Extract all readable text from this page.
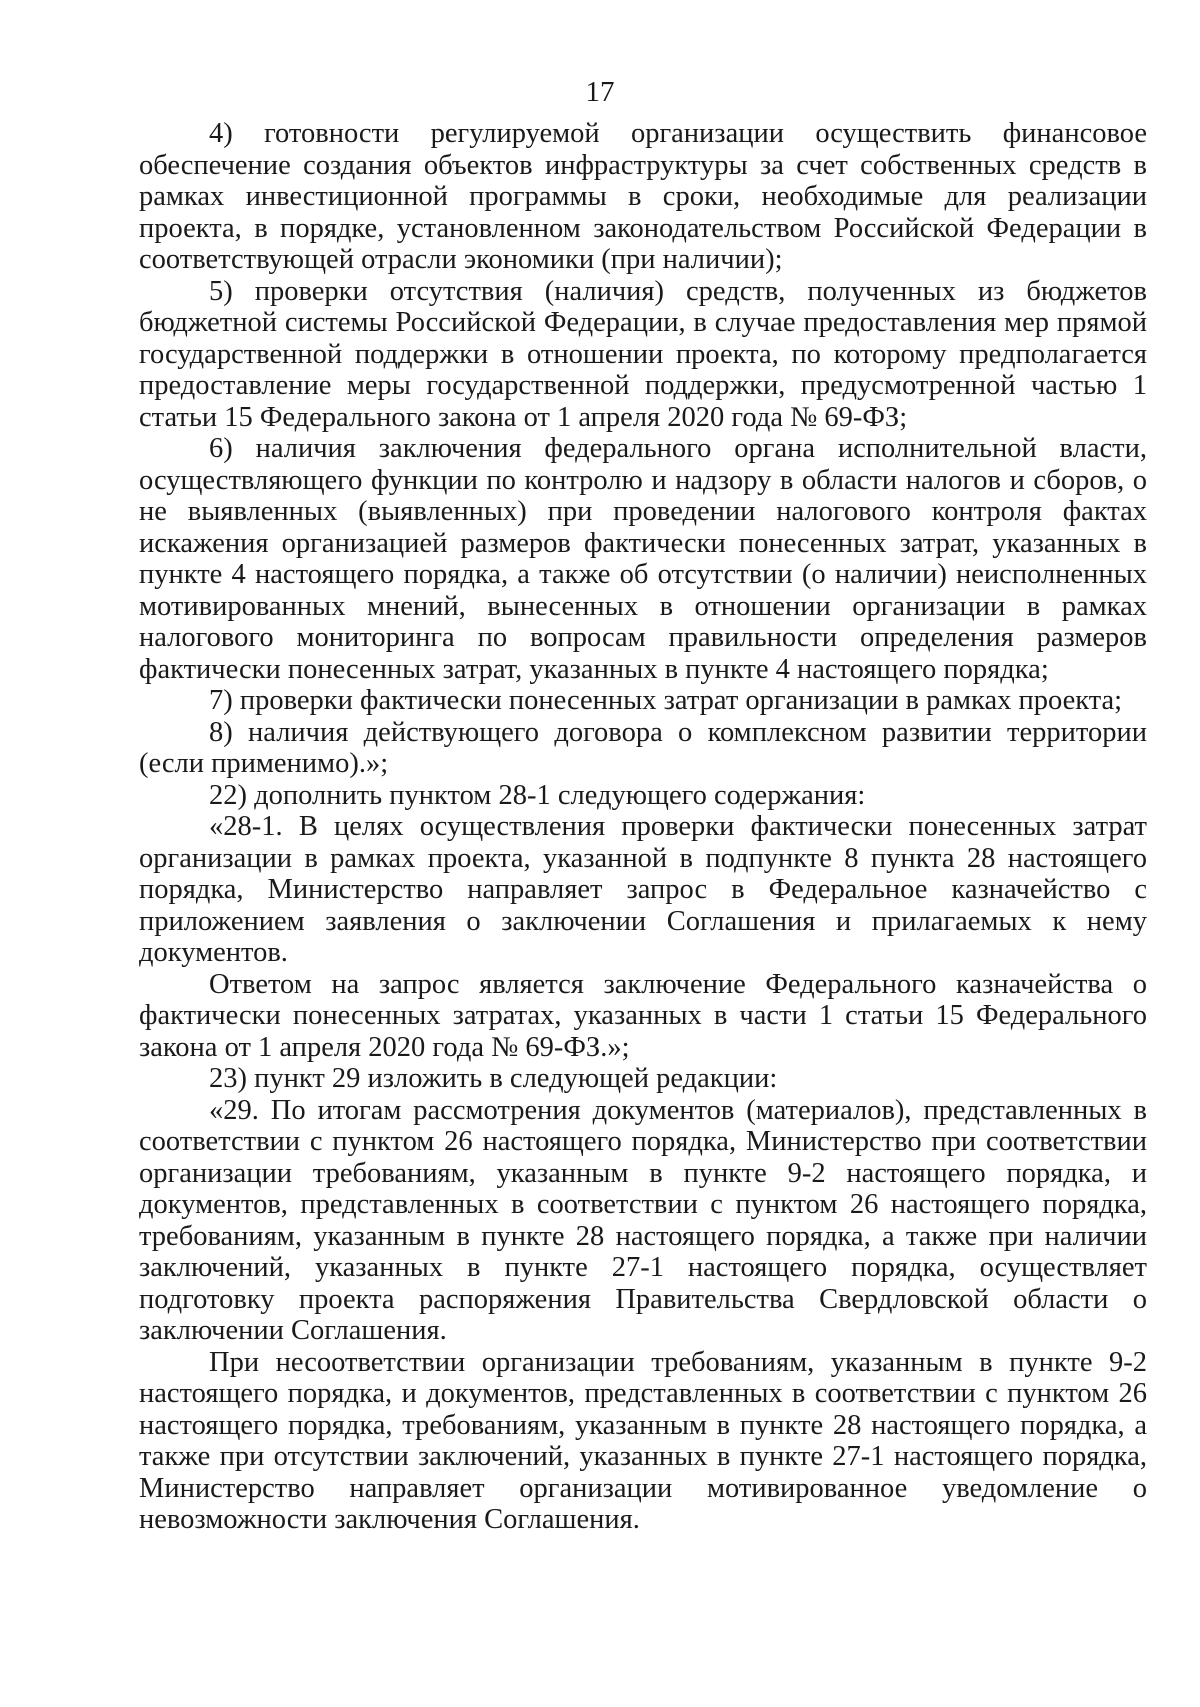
17

4) готовности регулируемой организации осуществить финансовое обеспечение создания объектов инфраструктуры за счет собственных средств в рамках инвестиционной программы в сроки, необходимые для реализации проекта, в порядке, установленном законодательством Российской Федерации в соответствующей отрасли экономики (при наличии);

5) проверки отсутствия (наличия) средств, полученных из бюджетов бюджетной системы Российской Федерации, в случае предоставления мер прямой государственной поддержки в отношении проекта, по которому предполагается предоставление меры государственной поддержки, предусмотренной частью 1 статьи 15 Федерального закона от 1 апреля 2020 года № 69-ФЗ;

6) наличия заключения федерального органа исполнительной власти, осуществляющего функции по контролю и надзору в области налогов и сборов, о не выявленных (выявленных) при проведении налогового контроля фактах искажения организацией размеров фактически понесенных затрат, указанных в пункте 4 настоящего порядка, а также об отсутствии (о наличии) неисполненных мотивированных мнений, вынесенных в отношении организации в рамках налогового мониторинга по вопросам правильности определения размеров фактически понесенных затрат, указанных в пункте 4 настоящего порядка;

7) проверки фактически понесенных затрат организации в рамках проекта;

8) наличия действующего договора о комплексном развитии территории (если применимо).»;

22) дополнить пунктом 28-1 следующего содержания:

«28-1. В целях осуществления проверки фактически понесенных затрат организации в рамках проекта, указанной в подпункте 8 пункта 28 настоящего порядка, Министерство направляет запрос в Федеральное казначейство с приложением заявления о заключении Соглашения и прилагаемых к нему документов.

Ответом на запрос является заключение Федерального казначейства о фактически понесенных затратах, указанных в части 1 статьи 15 Федерального закона от 1 апреля 2020 года № 69-ФЗ.»;

23) пункт 29 изложить в следующей редакции:

«29. По итогам рассмотрения документов (материалов), представленных в соответствии с пунктом 26 настоящего порядка, Министерство при соответствии организации требованиям, указанным в пункте 9-2 настоящего порядка, и документов, представленных в соответствии с пунктом 26 настоящего порядка, требованиям, указанным в пункте 28 настоящего порядка, а также при наличии заключений, указанных в пункте 27-1 настоящего порядка, осуществляет подготовку проекта распоряжения Правительства Свердловской области о заключении Соглашения.

При несоответствии организации требованиям, указанным в пункте 9-2 настоящего порядка, и документов, представленных в соответствии с пунктом 26 настоящего порядка, требованиям, указанным в пункте 28 настоящего порядка, а также при отсутствии заключений, указанных в пункте 27-1 настоящего порядка, Министерство направляет организации мотивированное уведомление о невозможности заключения Соглашения.
